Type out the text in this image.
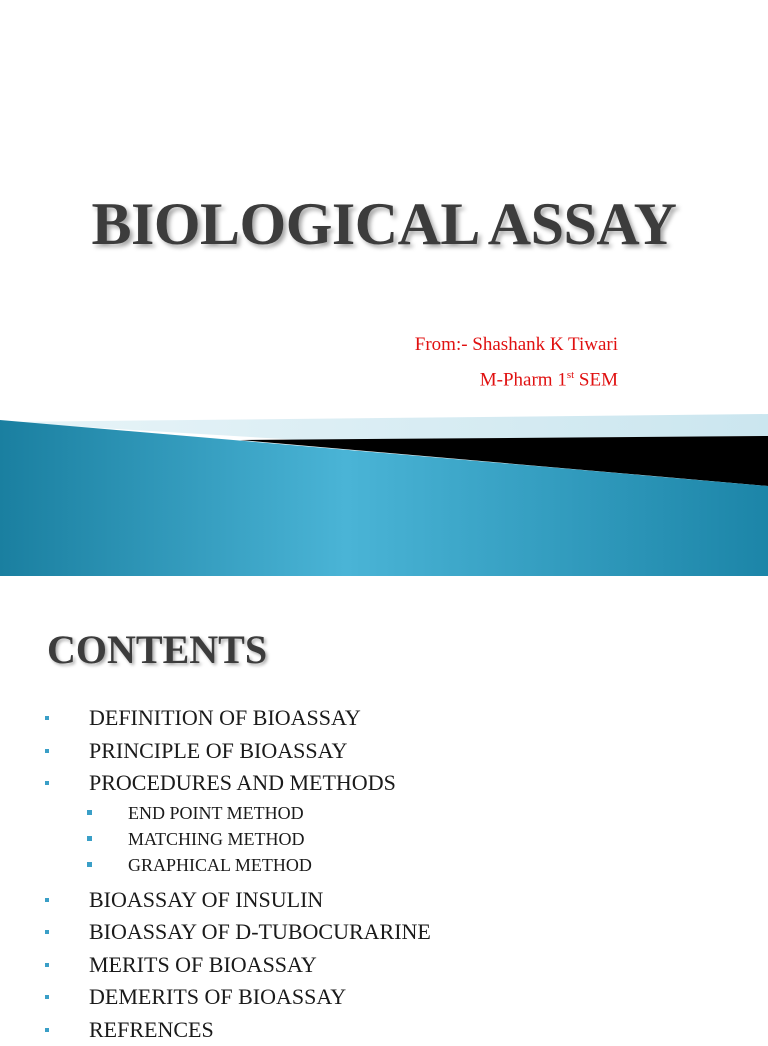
BIOLOGICAL ASSAY
From:- Shashank K Tiwari
M-Pharm 1st SEM
CONTENTS
DEFINITION OF BIOASSAY
PRINCIPLE OF BIOASSAY
PROCEDURES AND METHODS
END POINT METHOD
MATCHING METHOD
GRAPHICAL METHOD
BIOASSAY OF INSULIN
BIOASSAY OF D-TUBOCURARINE
MERITS OF BIOASSAY
DEMERITS OF BIOASSAY
REFRENCES
